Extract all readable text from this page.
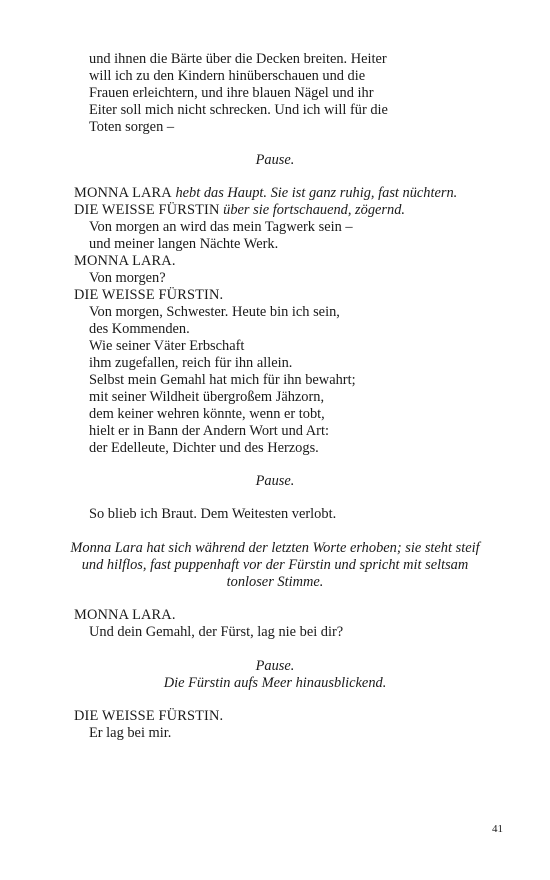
und ihnen die Bärte über die Decken breiten. Heiter
will ich zu den Kindern hinüberschauen und die
Frauen erleichtern, und ihre blauen Nägel und ihr
Eiter soll mich nicht schrecken. Und ich will für die
Toten sorgen –
Pause.
MONNA LARA hebt das Haupt. Sie ist ganz ruhig, fast nüchtern.
DIE WEISSE FÜRSTIN über sie fortschauend, zögernd.
Von morgen an wird das mein Tagwerk sein –
und meiner langen Nächte Werk.
MONNA LARA.
Von morgen?
DIE WEISSE FÜRSTIN.
Von morgen, Schwester. Heute bin ich sein,
des Kommenden.
Wie seiner Väter Erbschaft
ihm zugefallen, reich für ihn allein.
Selbst mein Gemahl hat mich für ihn bewahrt;
mit seiner Wildheit übergroßem Jähzorn,
dem keiner wehren könnte, wenn er tobt,
hielt er in Bann der Andern Wort und Art:
der Edelleute, Dichter und des Herzogs.
Pause.
So blieb ich Braut. Dem Weitesten verlobt.
Monna Lara hat sich während der letzten Worte erhoben; sie steht steif
und hilflos, fast puppenhaft vor der Fürstin und spricht mit seltsam
tonloser Stimme.
MONNA LARA.
Und dein Gemahl, der Fürst, lag nie bei dir?
Pause.
Die Fürstin aufs Meer hinausblickend.
DIE WEISSE FÜRSTIN.
Er lag bei mir.
41
